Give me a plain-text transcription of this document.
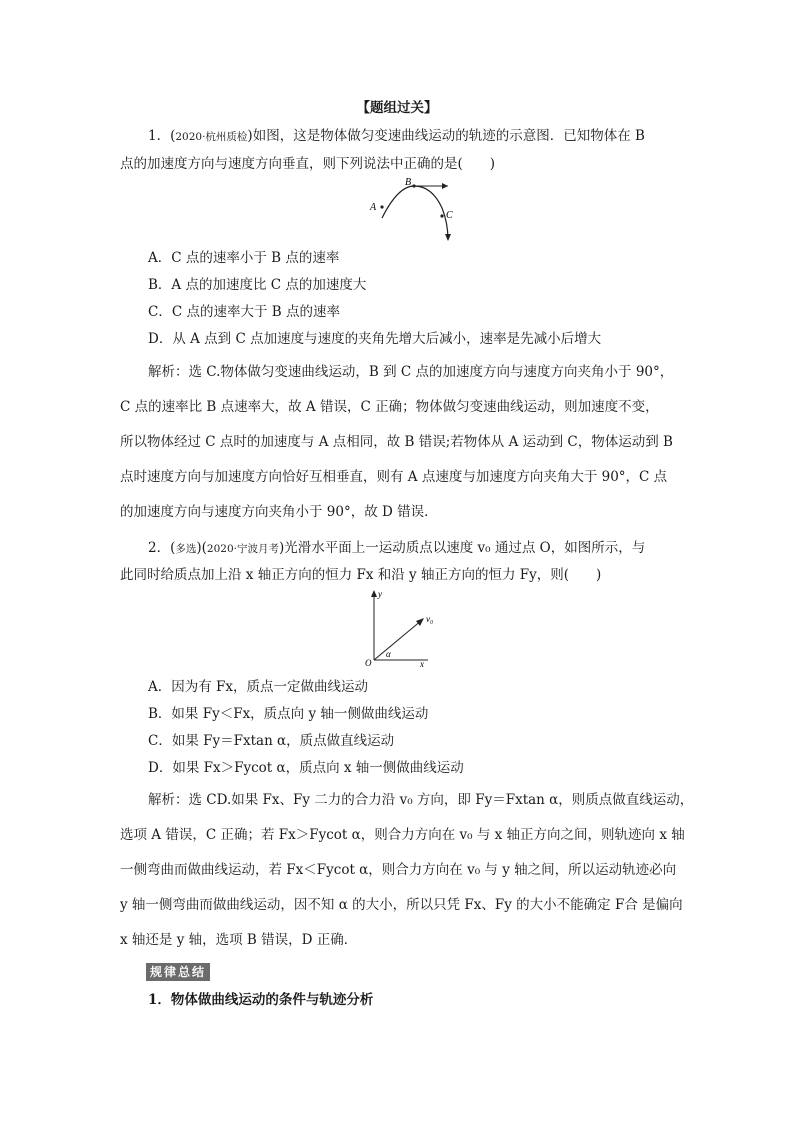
【题组过关】
1．(2020·杭州质检)如图，这是物体做匀变速曲线运动的轨迹的示意图．已知物体在 B
点的加速度方向与速度方向垂直，则下列说法中正确的是(　　)
A
B
C
A．C 点的速率小于 B 点的速率
B．A 点的加速度比 C 点的加速度大
C．C 点的速率大于 B 点的速率
D．从 A 点到 C 点加速度与速度的夹角先增大后减小，速率是先减小后增大
解析：选 C.物体做匀变速曲线运动，B 到 C 点的加速度方向与速度方向夹角小于 90°，
C 点的速率比 B 点速率大，故 A 错误，C 正确；物体做匀变速曲线运动，则加速度不变，
所以物体经过 C 点时的加速度与 A 点相同，故 B 错误;若物体从 A 运动到 C，物体运动到 B
点时速度方向与加速度方向恰好互相垂直，则有 A 点速度与加速度方向夹角大于 90°，C 点
的加速度方向与速度方向夹角小于 90°，故 D 错误．
2．(多选)(2020·宁波月考)光滑水平面上一运动质点以速度 v₀ 通过点 O，如图所示，与
此同时给质点加上沿 x 轴正方向的恒力 Fx 和沿 y 轴正方向的恒力 Fy，则(　　)
y
x
O
v₀
α
A．因为有 Fx，质点一定做曲线运动
B．如果 Fy＜Fx，质点向 y 轴一侧做曲线运动
C．如果 Fy＝Fxtan α，质点做直线运动
D．如果 Fx＞Fycot α，质点向 x 轴一侧做曲线运动
解析：选 CD.如果 Fx、Fy 二力的合力沿 v₀ 方向，即 Fy＝Fxtan α，则质点做直线运动，
选项 A 错误，C 正确；若 Fx＞Fycot α，则合力方向在 v₀ 与 x 轴正方向之间，则轨迹向 x 轴
一侧弯曲而做曲线运动，若 Fx＜Fycot α，则合力方向在 v₀ 与 y 轴之间，所以运动轨迹必向
y 轴一侧弯曲而做曲线运动，因不知 α 的大小，所以只凭 Fx、Fy 的大小不能确定 F合 是偏向
x 轴还是 y 轴，选项 B 错误，D 正确．
规律总结
1．物体做曲线运动的条件与轨迹分析
